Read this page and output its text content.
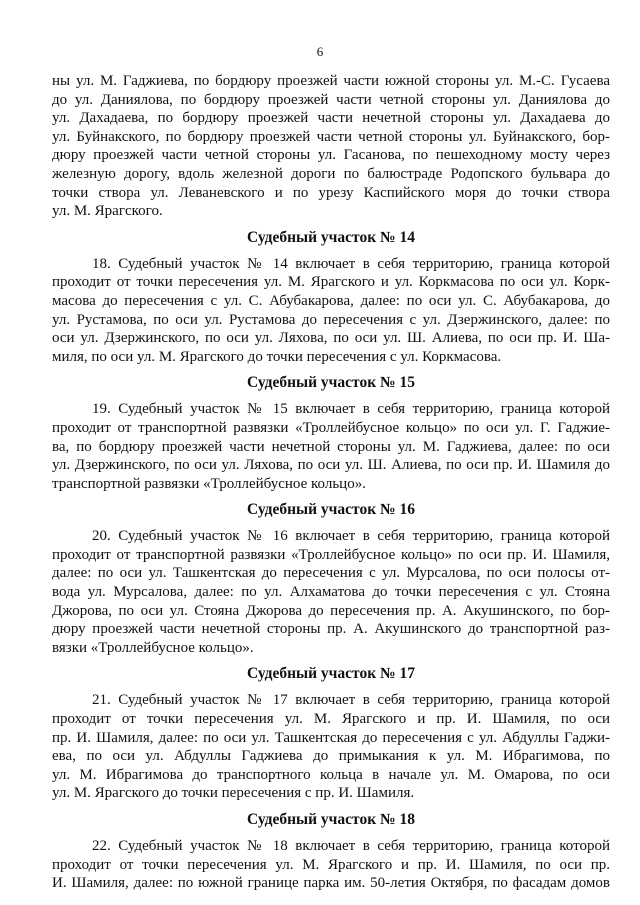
6
ны ул. М. Гаджиева, по бордюру проезжей части южной стороны ул. М.-С. Гусаева
до ул. Даниялова, по бордюру проезжей части четной стороны ул. Даниялова до
ул. Дахадаева, по бордюру проезжей части нечетной стороны ул. Дахадаева до
ул. Буйнакского, по бордюру проезжей части четной стороны ул. Буйнакского, бор-
дюру проезжей части четной стороны ул. Гасанова, по пешеходному мосту через
железную дорогу, вдоль железной дороги по балюстраде Родопского бульвара до
точки створа ул. Леваневского и по урезу Каспийского моря до точки створа
ул. М. Ярагского.
Судебный участок № 14
18. Судебный участок № 14 включает в себя территорию, граница которой
проходит от точки пересечения ул. М. Ярагского и ул. Коркмасова по оси ул. Корк-
масова до пересечения с ул. С. Абубакарова, далее: по оси ул. С. Абубакарова, до
ул. Рустамова, по оси ул. Рустамова до пересечения с ул. Дзержинского, далее: по
оси ул. Дзержинского, по оси ул. Ляхова, по оси ул. Ш. Алиева, по оси пр. И. Ша-
миля, по оси ул. М. Ярагского до точки пересечения с ул. Коркмасова.
Судебный участок № 15
19. Судебный участок № 15 включает в себя территорию, граница которой
проходит от транспортной развязки «Троллейбусное кольцо» по оси ул. Г. Гаджие-
ва, по бордюру проезжей части нечетной стороны ул. М. Гаджиева, далее: по оси
ул. Дзержинского, по оси ул. Ляхова, по оси ул. Ш. Алиева, по оси пр. И. Шамиля до
транспортной развязки «Троллейбусное кольцо».
Судебный участок № 16
20. Судебный участок № 16 включает в себя территорию, граница которой
проходит от транспортной развязки «Троллейбусное кольцо» по оси пр. И. Шамиля,
далее: по оси ул. Ташкентская до пересечения с ул. Мурсалова, по оси полосы от-
вода ул. Мурсалова, далее: по ул. Алхаматова до точки пересечения с ул. Стояна
Джорова, по оси ул. Стояна Джорова до пересечения пр. А. Акушинского, по бор-
дюру проезжей части нечетной стороны пр. А. Акушинского до транспортной раз-
вязки «Троллейбусное кольцо».
Судебный участок № 17
21. Судебный участок № 17 включает в себя территорию, граница которой
проходит от точки пересечения ул. М. Ярагского и пр. И. Шамиля, по оси
пр. И. Шамиля, далее: по оси ул. Ташкентская до пересечения с ул. Абдуллы Гаджи-
ева, по оси ул. Абдуллы Гаджиева до примыкания к ул. М. Ибрагимова, по
ул. М. Ибрагимова до транспортного кольца в начале ул. М. Омарова, по оси
ул. М. Ярагского до точки пересечения с пр. И. Шамиля.
Судебный участок № 18
22. Судебный участок № 18 включает в себя территорию, граница которой
проходит от точки пересечения ул. М. Ярагского и пр. И. Шамиля, по оси пр.
И. Шамиля, далее: по южной границе парка им. 50-летия Октября, по фасадам домов
